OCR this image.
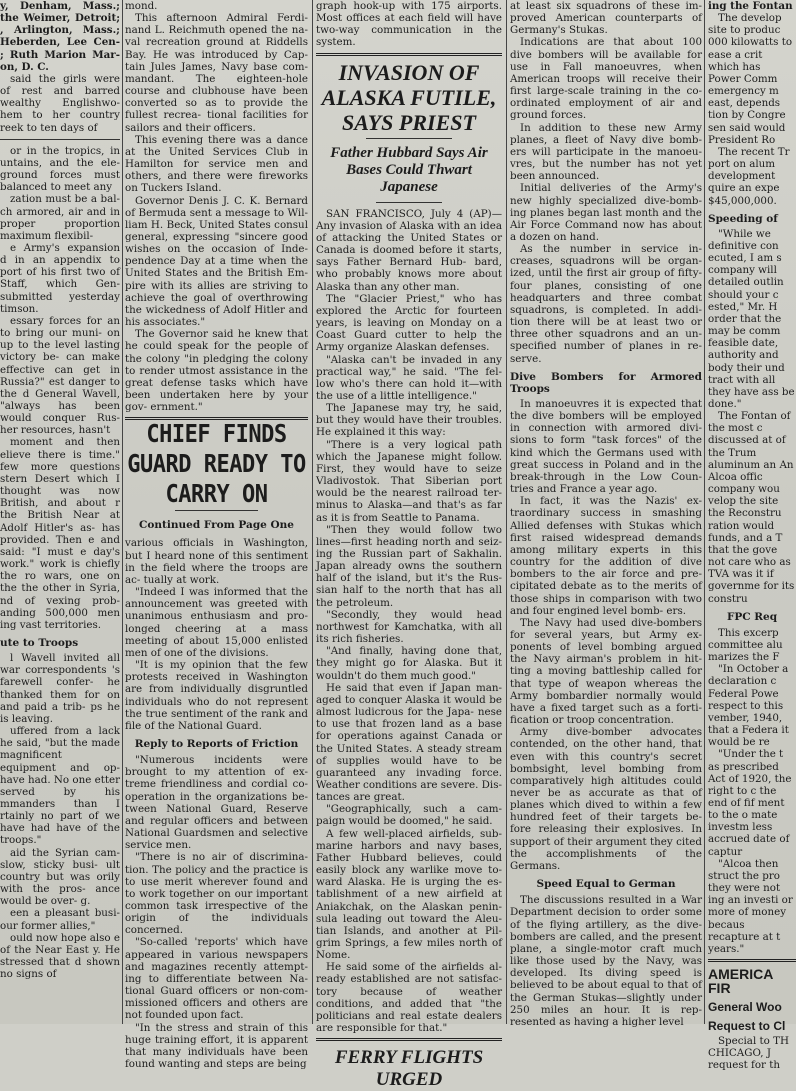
y, Denham, Mass.; the Weimer, Detroit; , Arlington, Mass.; Heberden, Lee Cen- ; Ruth Marion Mar- on, D. C.

said the girls were of rest and barred wealthy Englishwo- hem to her country reek to ten days of

or in the tropics, in untains, and the ele- ground forces must balanced to meet any

zation must be a bal- ch armored, air and in proper proportion maximum flexibil-

e Army's expansion d in an appendix to port of his first two of Staff, which Gen- submitted yesterday timson.

essary forces for an to bring our muni- on up to the level lasting victory be- can make effective can get in Russia?" est danger to the d General Wavell, "always has been would conquer Rus- her resources, hasn't

moment and then elieve there is time." few more questions stern Desert which I thought was now British, and about r the British Near at Adolf Hitler's as- has provided. Then e and said: "I must e day's work." work is chiefly the ro wars, one on the the other in Syria, nd of vexing prob- anding 500,000 men ing vast territories.

ute to Troops

l Wavell invited all war correspondents 's farewell confer- he thanked them for on and paid a trib- ps he is leaving.

uffered from a lack he said, "but the made magnificent equipment and op- have had. No one etter served by his mmanders than I rtainly no part of we have had have of the troops."

aid the Syrian cam- slow, sticky busi- ult country but was orily with the pros- ance would be over- g.

een a pleasant busi- our former allies,"

ould now hope also e of the Near East y. He stressed that d shown no signs of

mond.

This afternoon Admiral Ferdi- nand L. Reichmuth opened the na- val recreation ground at Riddells Bay. He was introduced by Cap- tain Jules James, Navy base com- mandant. The eighteen-hole course and clubhouse have been converted so as to provide the fullest recrea- tional facilities for sailors and their officers.

This evening there was a dance at the United Services Club in Hamilton for service men and others, and there were fireworks on Tuckers Island.

Governor Denis J. C. K. Bernard of Bermuda sent a message to Wil- liam H. Beck, United States consul general, expressing "sincere good wishes on the occasion of Inde- pendence Day at a time when the United States and the British Em- pire with its allies are striving to achieve the goal of overthrowing the wickedness of Adolf Hitler and his associates."

The Governor said he knew that he could speak for the people of the colony "in pledging the colony to render utmost assistance in the great defense tasks which have been undertaken here by your gov- ernment."

CHIEF FINDS GUARD READY TO CARRY ON
Continued From Page One

various officials in Washington, but I heard none of this sentiment in the field where the troops are ac- tually at work.

"Indeed I was informed that the announcement was greeted with unanimous enthusiasm and pro- longed cheering at a mass meeting of about 15,000 enlisted men of one of the divisions.

"It is my opinion that the few protests received in Washington are from individually disgruntled individuals who do not represent the true sentiment of the rank and file of the National Guard.

Reply to Reports of Friction

"Numerous incidents were brought to my attention of ex- treme friendliness and cordial co- operation in the organizations be- tween National Guard, Reserve and regular officers and between National Guardsmen and selective service men.

"There is no air of discrimina- tion. The policy and the practice is to use merit wherever found and to work together on our important common task irrespective of the origin of the individuals concerned.

"So-called 'reports' which have appeared in various newspapers and magazines recently attempt- ing to differentiate between Na- tional Guard officers or non-com- missioned officers and others are not founded upon fact.

"In the stress and strain of this huge training effort, it is apparent that many individuals have been found wanting and steps are being

graph hook-up with 175 airports. Most offices at each field will have two-way communication in the system.

INVASION OF ALASKA FUTILE, SAYS PRIEST
Father Hubbard Says Air Bases Could Thwart Japanese

SAN FRANCISCO, July 4 (AP)— Any invasion of Alaska with an idea of attacking the United States or Canada is doomed before it starts, says Father Bernard Hub- bard, who probably knows more about Alaska than any other man.

The "Glacier Priest," who has explored the Arctic for fourteen years, is leaving on Monday on a Coast Guard cutter to help the Army organize Alaskan defenses.

"Alaska can't be invaded in any practical way," he said. "The fel- low who's there can hold it—with the use of a little intelligence."

The Japanese may try, he said, but they would have their troubles. He explained it this way:

"There is a very logical path which the Japanese might follow. First, they would have to seize Vladivostok. That Siberian port would be the nearest railroad ter- minus to Alaska—and that's as far as it is from Seattle to Panama.

"Then they would follow two lines—first heading north and seiz- ing the Russian part of Sakhalin. Japan already owns the southern half of the island, but it's the Rus- sian half to the north that has all the petroleum.

"Secondly, they would head northwest for Kamchatka, with all its rich fisheries.

"And finally, having done that, they might go for Alaska. But it wouldn't do them much good."

He said that even if Japan man- aged to conquer Alaska it would be almost ludicrous for the Japa- nese to use that frozen land as a base for operations against Canada or the United States. A steady stream of supplies would have to be guaranteed any invading force. Weather conditions are severe. Dis- tances are great.

"Geographically, such a cam- paign would be doomed," he said.

A few well-placed airfields, sub- marine harbors and navy bases, Father Hubbard believes, could easily block any warlike move to- ward Alaska. He is urging the es- tablishment of a new airfield at Aniakchak, on the Alaskan penin- sula leading out toward the Aleu- tian Islands, and another at Pil- grim Springs, a few miles north of Nome.

He said some of the airfields al- ready established are not satisfac- tory because of weather conditions, and added that "the politicians and real estate dealers are responsible for that."

FERRY FLIGHTS URGED

at least six squadrons of these im- proved American counterparts of Germany's Stukas.

Indications are that about 100 dive bombers will be available for use in Fall manoeuvres, when American troops will receive their first large-scale training in the co- ordinated employment of air and ground forces.

In addition to these new Army planes, a fleet of Navy dive bomb- ers will participate in the manoeu- vres, but the number has not yet been announced.

Initial deliveries of the Army's new highly specialized dive-bomb- ing planes began last month and the Air Force Command now has about a dozen on hand.

As the number in service in- creases, squadrons will be organ- ized, until the first air group of fifty-four planes, consisting of one headquarters and three combat squadrons, is completed. In addi- tion there will be at least two or three other squadrons and an un- specified number of planes in re- serve.

Dive Bombers for Armored Troops

In manoeuvres it is expected that the dive bombers will be employed in connection with armored divi- sions to form "task forces" of the kind which the Germans used with great success in Poland and in the break-through in the Low Coun- tries and France a year ago.

In fact, it was the Nazis' ex- traordinary success in smashing Allied defenses with Stukas which first raised widespread demands among military experts in this country for the addition of dive bombers to the air force and pre- cipitated debate as to the merits of those ships in comparison with two and four engined level bomb- ers.

The Navy had used dive-bombers for several years, but Army ex- ponents of level bombing argued the Navy airman's problem in hit- ting a moving battleship called for that type of weapon whereas the Army bombardier normally would have a fixed target such as a forti- fication or troop concentration.

Army dive-bomber advocates contended, on the other hand, that even with this country's secret bombsight, level bombing from comparatively high altitudes could never be as accurate as that of planes which dived to within a few hundred feet of their targets be- fore releasing their explosives. In support of their argument they cited the accomplishments of the Germans.

Speed Equal to German

The discussions resulted in a War Department decision to order some of the flying artillery, as the dive-bombers are called, and the present plane, a single-motor craft much like those used by the Navy, was developed. Its diving speed is believed to be about equal to that of the German Stukas—slightly under 250 miles an hour. It is rep- resented as having a higher level

ing the Fontan

The develop site to produc 000 kilowatts to ease a crit which has Power Comm emergency m east, depends tion by Congre sen said would President Ro

The recent Tr port on alum development quire an expe $45,000,000.

Speeding of

"While we definitive con ecuted, I am s company will detailed outlin should your c ested," Mr. H order that the may be comm feasible date, authority and body their und tract with all they have ass be done."

The Fontan of the most c discussed at of the Trum aluminum an An Alcoa offic company wou velop the site the Reconstru ration would funds, and a T that the gove not care who as TVA was it if governme for its constru

FPC Req

This excerp committee alu marizes the F

"In October a declaration c Federal Powe respect to this vember, 1940, that a Federa it would be re

"Under the t as prescribed Act of 1920, the right to c the end of fif ment to the o mate investm less accrued date of captur

"Alcoa then struct the pro they were not ing an investi or more of money becaus recapture at t years."

AMERICA FIR
General Woo
Request to Cl

Special to TH CHICAGO, J request for th
